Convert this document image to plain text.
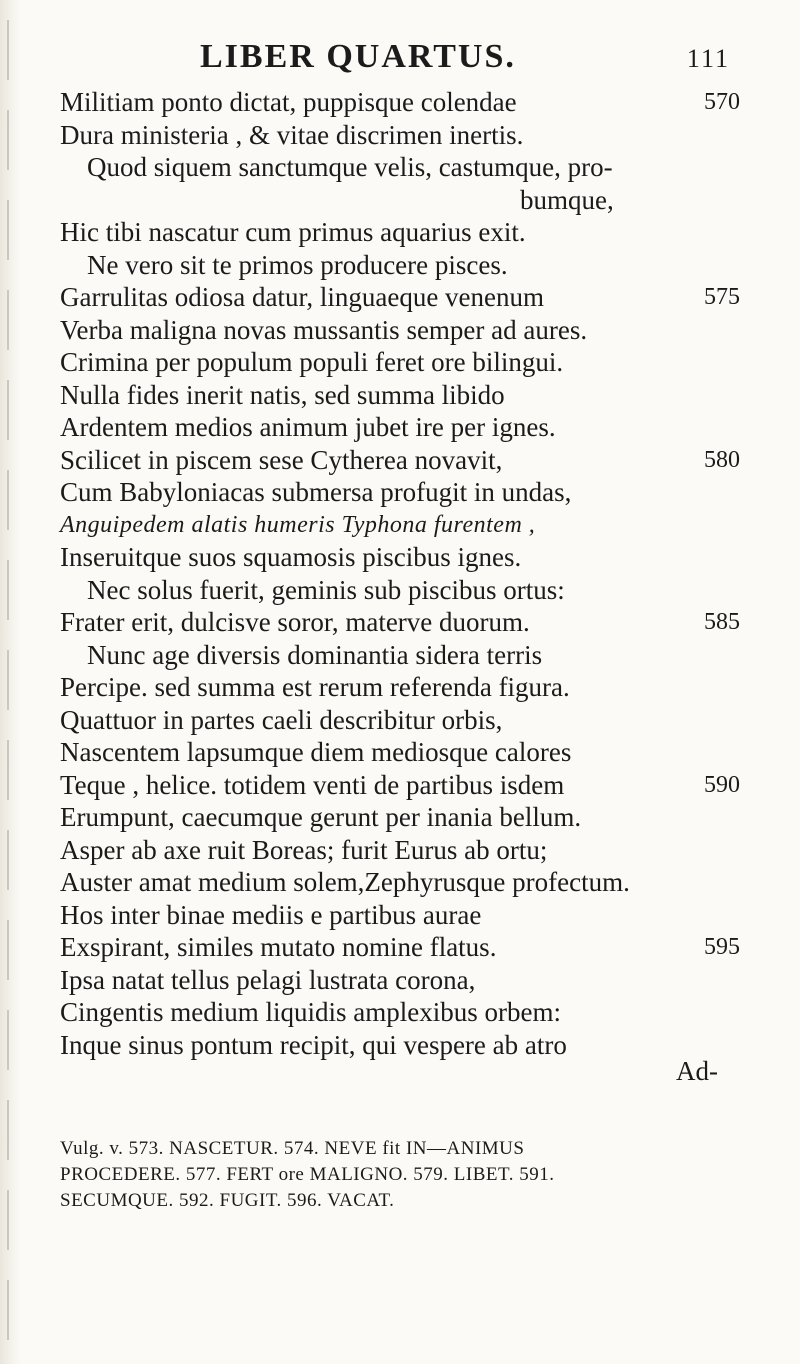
LIBER QUARTUS.	111
Militiam ponto dictat, puppisque colendae	570
Dura ministeria , & vitae discrimen inertis.
Quod siquem sanctumque velis, castumque, pro-
bumque,
Hic tibi nascatur cum primus aquarius exit.
Ne vero sit te primos producere pisces.
Garrulitas odiosa datur, linguaeque venenum	575
Verba maligna novas mussantis semper ad aures.
Crimina per populum populi feret ore bilingui.
Nulla fides inerit natis, sed summa libido
Ardentem medios animum jubet ire per ignes.
Scilicet in piscem sese Cytherea novavit,	580
Cum Babyloniacas submersa profugit in undas,
Anguipedem alatis humeris Typhona furentem ,
Inseruitque suos squamosis piscibus ignes.
Nec solus fuerit, geminis sub piscibus ortus:
Frater erit, dulcisve soror, materve duorum.	585
Nunc age diversis dominantia sidera terris
Percipe. sed summa est rerum referenda figura.
Quattuor in partes caeli describitur orbis,
Nascentem lapsumque diem mediosque calores
Teque , helice. totidem venti de partibus isdem	590
Erumpunt, caecumque gerunt per inania bellum.
Asper ab axe ruit Boreas; furit Eurus ab ortu;
Auster amat medium solem,Zephyrusque profectum.
Hos inter binae mediis e partibus aurae
Exspirant, similes mutato nomine flatus.	595
Ipsa natat tellus pelagi lustrata corona,
Cingentis medium liquidis amplexibus orbem:
Inque sinus pontum recipit, qui vespere ab atro
Ad-
Vulg. v. 573. NASCETUR. 574. NEVE fit IN—ANIMUS
PROCEDERE. 577. FERT ore MALIGNO. 579. LIBET. 591.
SECUMQUE. 592. FUGIT. 596. VACAT.
